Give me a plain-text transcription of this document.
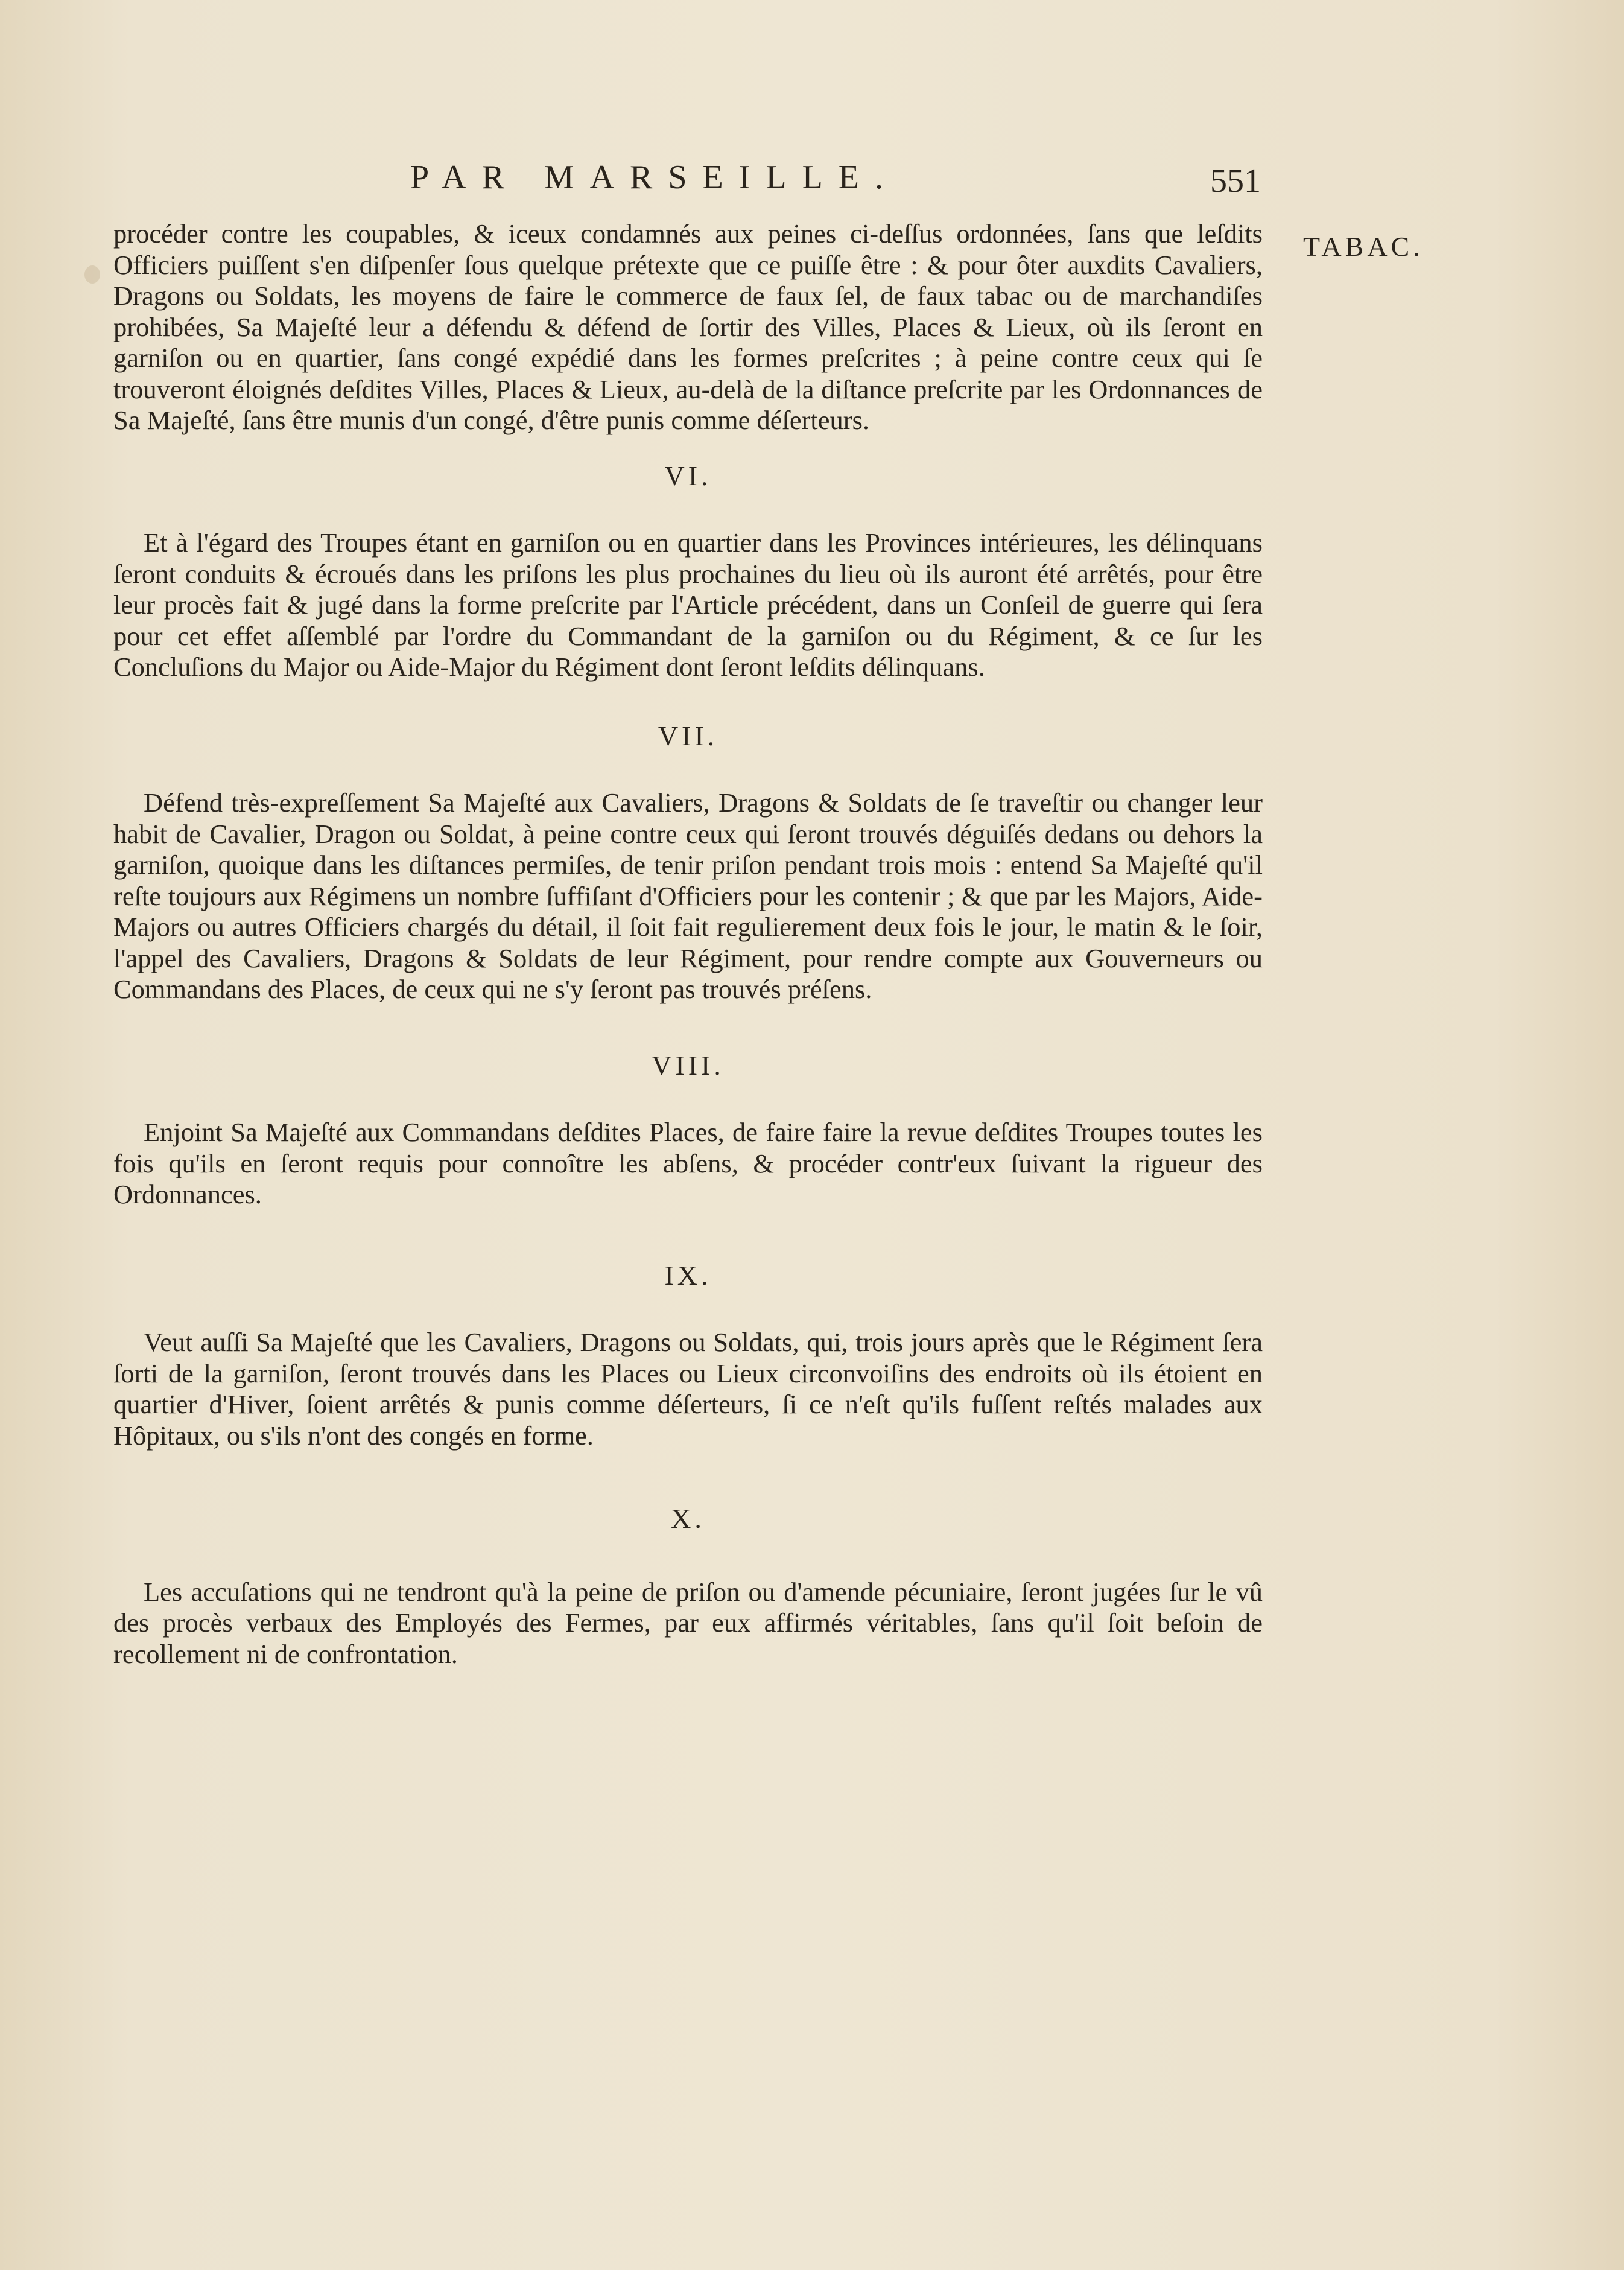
PAR MARSEILLE.	551
TABAC.

procéder contre les coupables, & iceux condamnés aux peines ci-deſſus ordonnées, ſans que leſdits Officiers puiſſent s'en diſpenſer ſous quelque prétexte que ce puiſſe être : & pour ôter auxdits Cavaliers, Dragons ou Soldats, les moyens de faire le commerce de faux ſel, de faux tabac ou de marchandiſes prohibées, Sa Majeſté leur a défendu & défend de ſortir des Villes, Places & Lieux, où ils ſeront en garniſon ou en quartier, ſans congé expédié dans les formes preſcrites ; à peine contre ceux qui ſe trouveront éloignés deſdites Villes, Places & Lieux, au-delà de la diſtance preſcrite par les Ordonnances de Sa Majeſté, ſans être munis d'un congé, d'être punis comme déſerteurs.

VI.

Et à l'égard des Troupes étant en garniſon ou en quartier dans les Provinces intérieures, les délinquans ſeront conduits & écroués dans les priſons les plus prochaines du lieu où ils auront été arrêtés, pour être leur procès fait & jugé dans la forme preſcrite par l'Article précédent, dans un Conſeil de guerre qui ſera pour cet effet aſſemblé par l'ordre du Commandant de la garniſon ou du Régiment, & ce ſur les Concluſions du Major ou Aide-Major du Régiment dont ſeront leſdits délinquans.

VII.

Défend très-expreſſement Sa Majeſté aux Cavaliers, Dragons & Soldats de ſe traveſtir ou changer leur habit de Cavalier, Dragon ou Soldat, à peine contre ceux qui ſeront trouvés déguiſés dedans ou dehors la garniſon, quoique dans les diſtances permiſes, de tenir priſon pendant trois mois : entend Sa Majeſté qu'il reſte toujours aux Régimens un nombre ſuffiſant d'Officiers pour les contenir ; & que par les Majors, Aide-Majors ou autres Officiers chargés du détail, il ſoit fait regulierement deux fois le jour, le matin & le ſoir, l'appel des Cavaliers, Dragons & Soldats de leur Régiment, pour rendre compte aux Gouverneurs ou Commandans des Places, de ceux qui ne s'y ſeront pas trouvés préſens.

VIII.

Enjoint Sa Majeſté aux Commandans deſdites Places, de faire faire la revue deſdites Troupes toutes les fois qu'ils en ſeront requis pour connoître les abſens, & procéder contr'eux ſuivant la rigueur des Ordonnances.

IX.

Veut auſſi Sa Majeſté que les Cavaliers, Dragons ou Soldats, qui, trois jours après que le Régiment ſera ſorti de la garniſon, ſeront trouvés dans les Places ou Lieux circonvoiſins des endroits où ils étoient en quartier d'Hiver, ſoient arrêtés & punis comme déſerteurs, ſi ce n'eſt qu'ils fuſſent reſtés malades aux Hôpitaux, ou s'ils n'ont des congés en forme.

X.

Les accuſations qui ne tendront qu'à la peine de priſon ou d'amende pécuniaire, ſeront jugées ſur le vû des procès verbaux des Employés des Fermes, par eux affirmés véritables, ſans qu'il ſoit beſoin de recollement ni de confrontation.
